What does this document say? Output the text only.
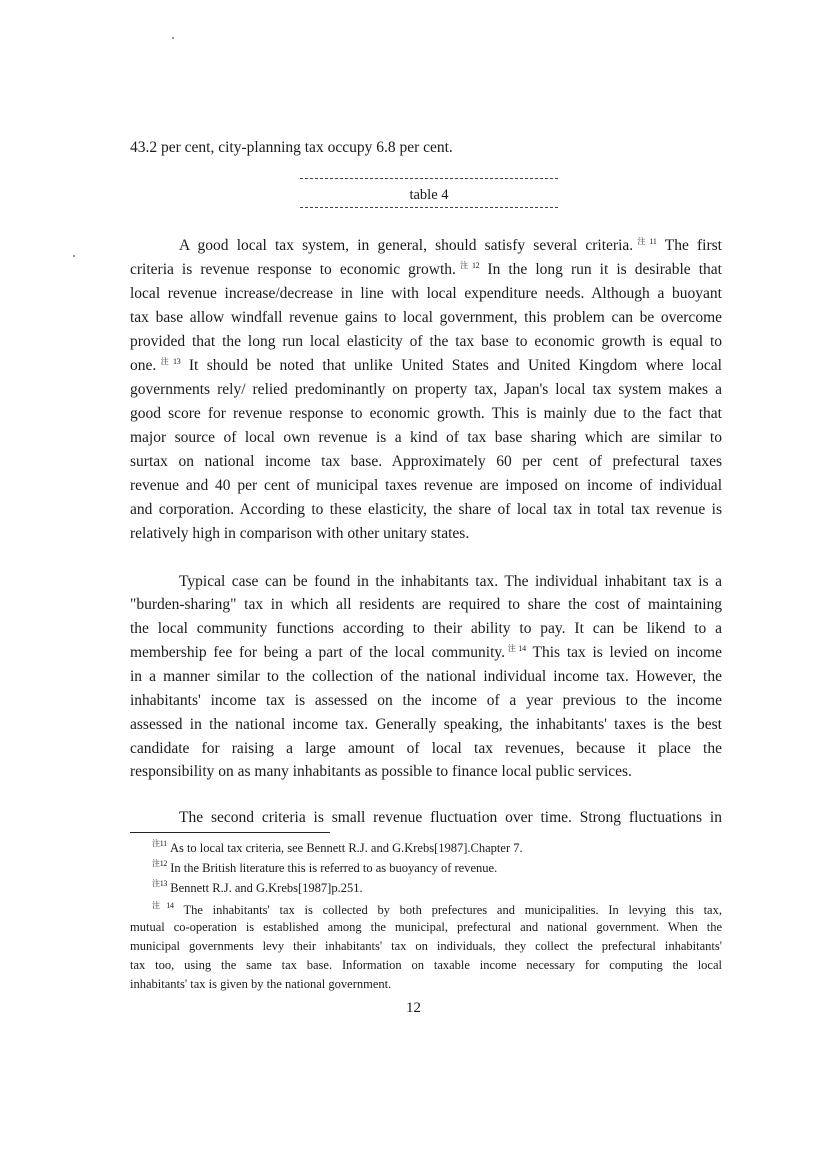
43.2 per cent, city-planning tax occupy 6.8 per cent.
table 4
A good local tax system, in general, should satisfy several criteria.$^{注11}$ The first
criteria is revenue response to economic growth.$^{注12}$ In the long run it is desirable that
local revenue increase/decrease in line with local expenditure needs. Although a buoyant
tax base allow windfall revenue gains to local government, this problem can be overcome
provided that the long run local elasticity of the tax base to economic growth is equal to
one.$^{注13}$ It should be noted that unlike United States and United Kingdom where local
governments rely/ relied predominantly on property tax, Japan's local tax system makes a
good score for revenue response to economic growth. This is mainly due to the fact that
major source of local own revenue is a kind of tax base sharing which are similar to
surtax on national income tax base. Approximately 60 per cent of prefectural taxes
revenue and 40 per cent of municipal taxes revenue are imposed on income of individual
and corporation. According to these elasticity, the share of local tax in total tax revenue is
relatively high in comparison with other unitary states.
Typical case can be found in the inhabitants tax. The individual inhabitant tax is a
"burden-sharing" tax in which all residents are required to share the cost of maintaining
the local community functions according to their ability to pay. It can be likend to a
membership fee for being a part of the local community.$^{注14}$ This tax is levied on income
in a manner similar to the collection of the national individual income tax. However, the
inhabitants' income tax is assessed on the income of a year previous to the income
assessed in the national income tax. Generally speaking, the inhabitants' taxes is the best
candidate for raising a large amount of local tax revenues, because it place the
responsibility on as many inhabitants as possible to finance local public services.
The second criteria is small revenue fluctuation over time. Strong fluctuations in
$^{注11}$ As to local tax criteria, see Bennett R.J. and G.Krebs[1987].Chapter 7.
$^{注12}$ In the British literature this is referred to as buoyancy of revenue.
$^{注13}$ Bennett R.J. and G.Krebs[1987]p.251.
$^{注14}$ The inhabitants' tax is collected by both prefectures and municipalities. In levying this tax,
mutual co-operation is established among the municipal, prefectural and national government. When the
municipal governments levy their inhabitants' tax on individuals, they collect the prefectural inhabitants'
tax too, using the same tax base. Information on taxable income necessary for computing the local
inhabitants' tax is given by the national government.
12
